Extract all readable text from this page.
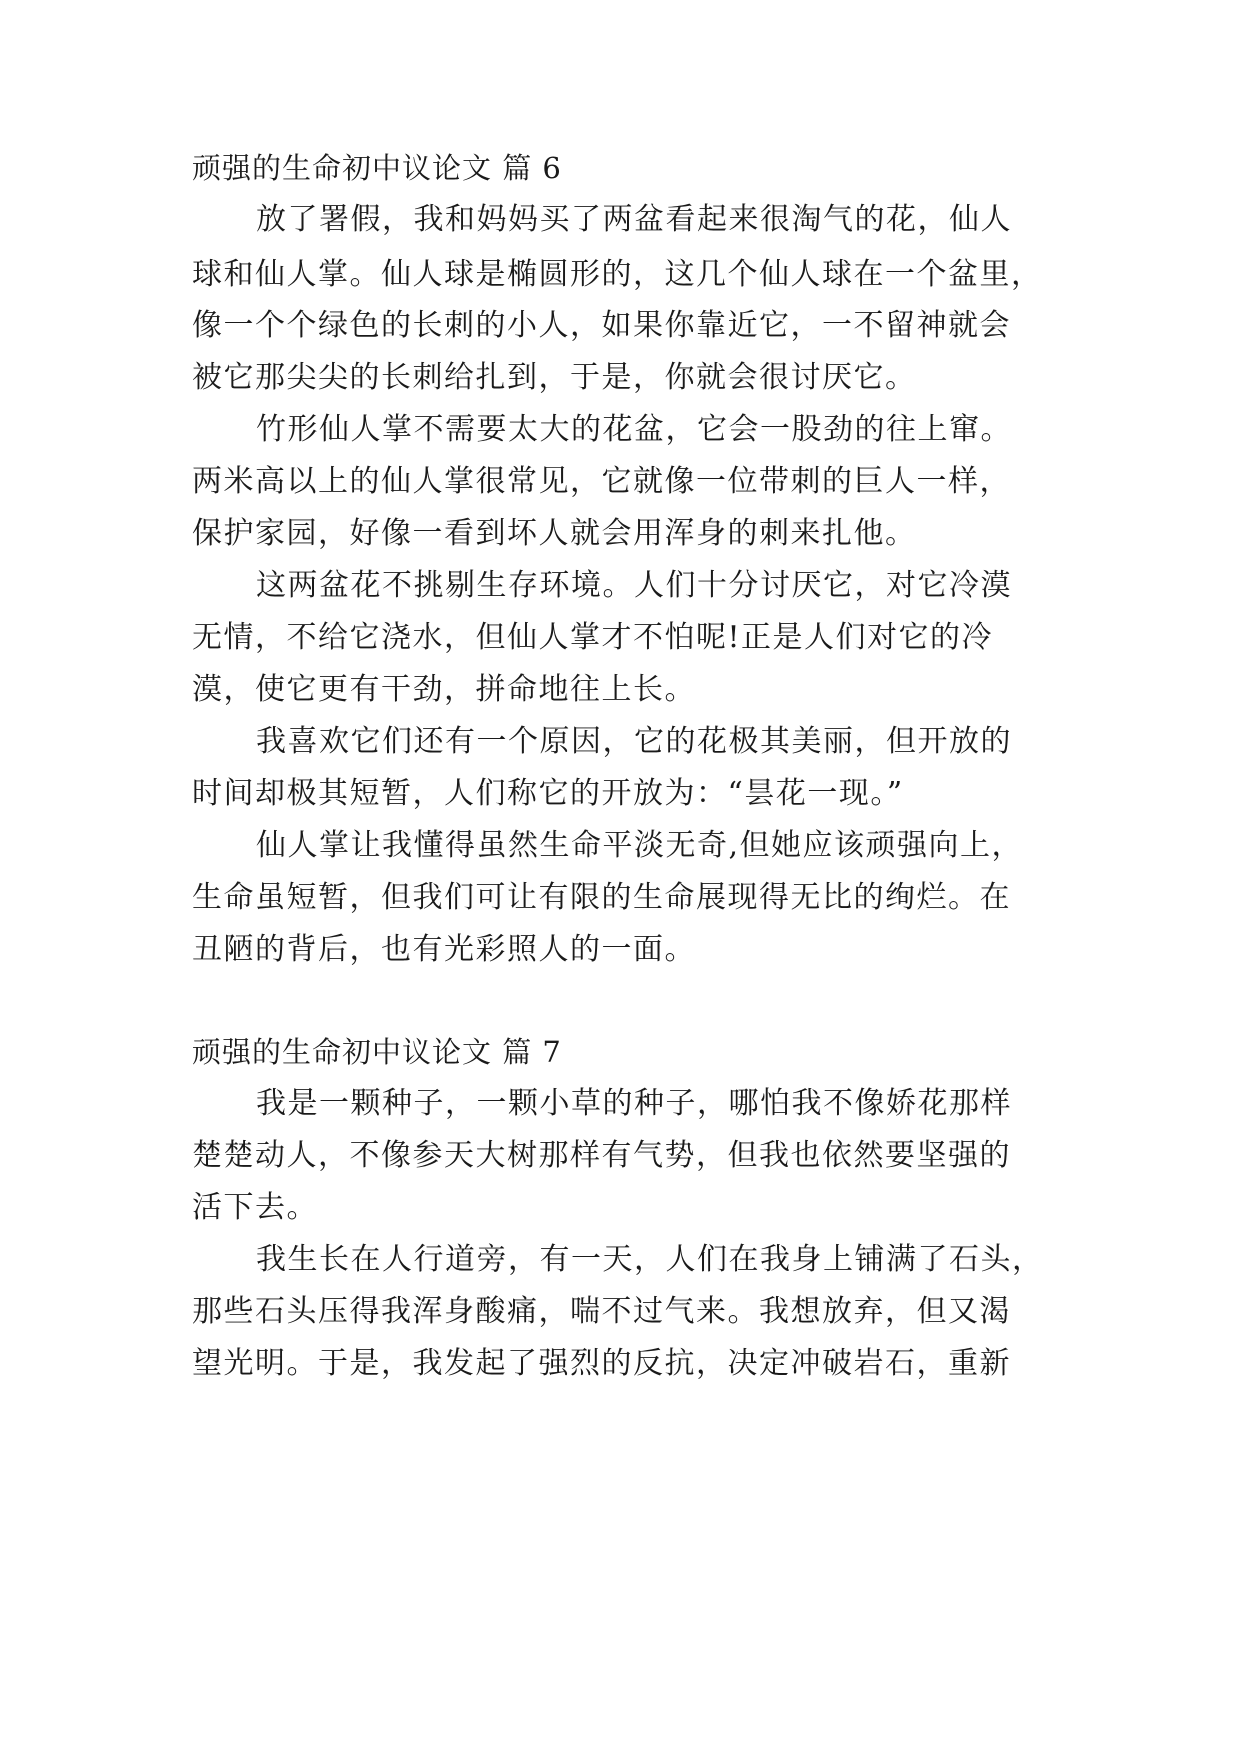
顽强的生命初中议论文 篇 6
放了署假，我和妈妈买了两盆看起来很淘气的花，仙人
球和仙人掌。仙人球是椭圆形的，这几个仙人球在一个盆里，
像一个个绿色的长刺的小人，如果你靠近它，一不留神就会
被它那尖尖的长刺给扎到，于是，你就会很讨厌它。
竹形仙人掌不需要太大的花盆，它会一股劲的往上窜。
两米高以上的仙人掌很常见，它就像一位带刺的巨人一样，
保护家园，好像一看到坏人就会用浑身的刺来扎他。
这两盆花不挑剔生存环境。人们十分讨厌它，对它冷漠
无情，不给它浇水，但仙人掌才不怕呢!正是人们对它的冷
漠，使它更有干劲，拼命地往上长。
我喜欢它们还有一个原因，它的花极其美丽，但开放的
时间却极其短暂，人们称它的开放为：“昙花一现。”
仙人掌让我懂得虽然生命平淡无奇,但她应该顽强向上，
生命虽短暂，但我们可让有限的生命展现得无比的绚烂。在
丑陋的背后，也有光彩照人的一面。
顽强的生命初中议论文 篇 7
我是一颗种子，一颗小草的种子，哪怕我不像娇花那样
楚楚动人，不像参天大树那样有气势，但我也依然要坚强的
活下去。
我生长在人行道旁，有一天，人们在我身上铺满了石头，
那些石头压得我浑身酸痛，喘不过气来。我想放弃，但又渴
望光明。于是，我发起了强烈的反抗，决定冲破岩石，重新
